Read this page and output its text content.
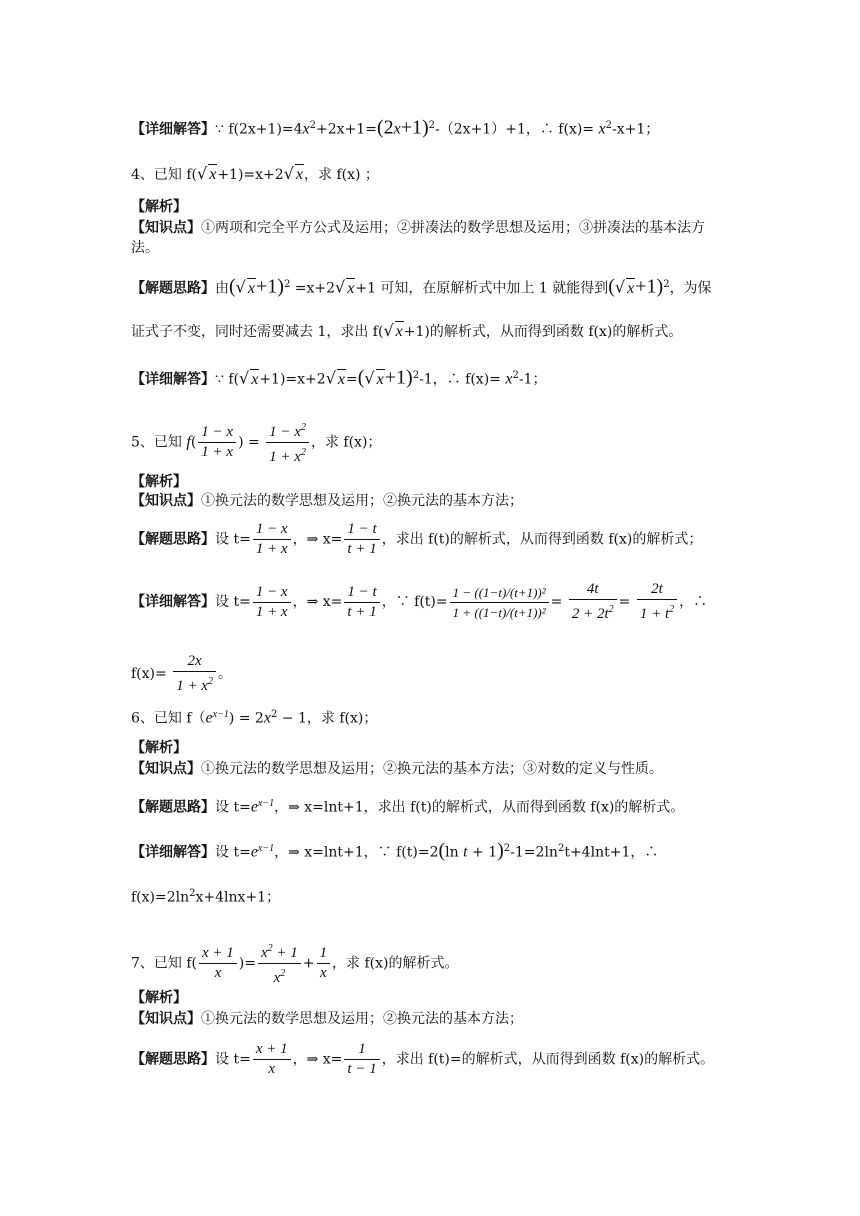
【详细解答】∵ $f(2x+1)=4x^2+2x+1=(2x+1)^2-(2x+1)+1$，∴ $f(x)= x^2-x+1$；
4、已知 f(√ x+1)=x+2√ x，求 f(x) ；
【解析】
【知识点】①两项和完全平方公式及运用；②拼凑法的数学思想及运用；③拼凑法的基本法方法。
【解题思路】由(√ x+1)$^2$ =x+2√ x+1 可知，在原解析式中加上 1 就能得到(√ x+1)$^2$，为保
证式子不变，同时还需要减去 1，求出 f(√ x+1)的解析式，从而得到函数 f(x)的解析式。
【详细解答】∵ f(√ x+1)=x+2√ x=(√ x+1)$^2$-1，∴ $f(x)= x^2-1$；
5、已知 $f( \frac{1 - x}{1 + x}$ ) = $\frac{1 - x^2}{1 + x^2}$ ，求 f(x)；
【解析】
【知识点】①换元法的数学思想及运用；②换元法的基本方法；
【解题思路】设 $t= \frac{1 - x}{1 + x}$ ，⇒ $x= \frac{1 - t}{t + 1}$ ，求出 f(t)的解析式，从而得到函数 f(x)的解析式；
【详细解答】设 $t= \frac{1 - x}{1 + x}$ ，⇒ $x= \frac{1 - t}{t + 1}$ ，∵ $f(t)= \frac{\text{1 − ((1−t)/(t+1))²}}{\text{1 + ((1−t)/(t+1))²}} = \frac{4t}{2 + 2t^2} = \frac{2t}{1 + t^2}$ ，∴
$f(x)= \frac{2x}{1 + x^2}$ 。
6、已知 $f(e^{x-1}) = 2x^2 - 1$，求 f(x)；
【解析】
【知识点】①换元法的数学思想及运用；②换元法的基本方法；③对数的定义与性质。
【解题思路】设 $t=e^{x-1}$，⇒ x=lnt+1，求出 f(t)的解析式，从而得到函数 f(x)的解析式。
【详细解答】设 $t=e^{x-1}$，⇒ x=lnt+1，∵ f(t)=2(ln $t + 1)^2-1=2\ln^2t+4\ln t+1$，∴
$f(x)=2\ln^2x+4\ln x+1$；
7、已知 $f( \frac{x + 1}{x}$ )= $\frac{x^2 + 1}{x^2} + \frac{1}{x}$ ，求 f(x)的解析式。
【解析】
【知识点】①换元法的数学思想及运用；②换元法的基本方法；
【解题思路】设 $t= \frac{x + 1}{x}$ ，⇒ $x= \frac{1}{t - 1}$ ，求出 f(t)=的解析式，从而得到函数 f(x)的解析式。
